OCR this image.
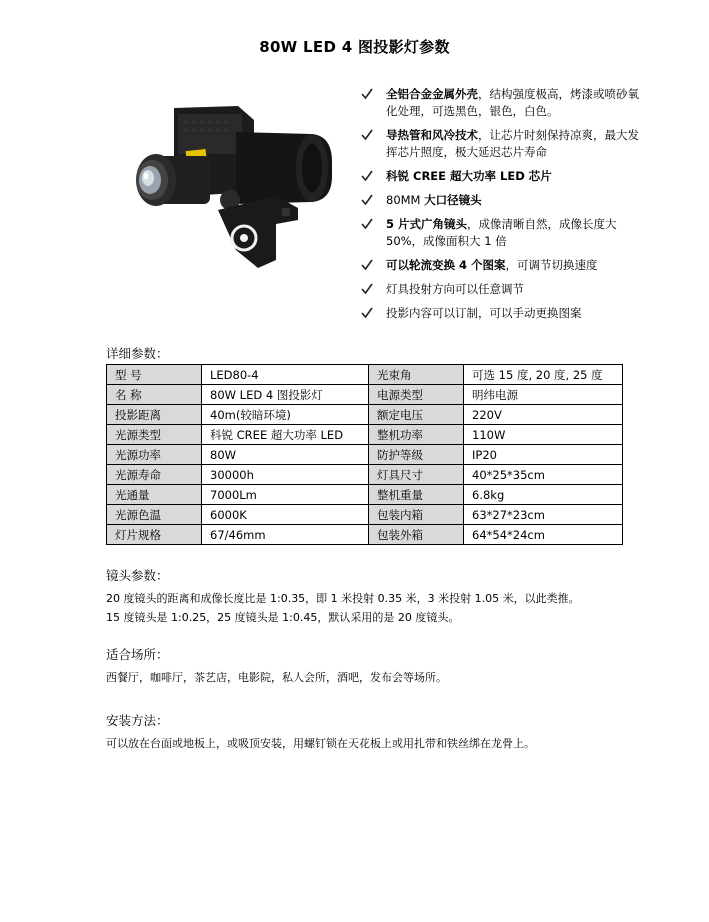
80W LED 4 图投影灯参数
全铝合金金属外壳，结构强度极高，烤漆或喷砂氧化处理，可选黑色，银色，白色。
导热管和风冷技术，让芯片时刻保持凉爽，最大发挥芯片照度，极大延迟芯片寿命
科锐 CREE 超大功率 LED 芯片
80MM 大口径镜头
5 片式广角镜头，成像清晰自然，成像长度大 50%，成像面积大 1 倍
可以轮流变换 4 个图案，可调节切换速度
灯具投射方向可以任意调节
投影内容可以订制，可以手动更换图案
详细参数：
型 号	LED80-4	光束角	可选 15 度, 20 度, 25 度
名 称	80W LED 4 图投影灯	电源类型	明纬电源
投影距离	40m(较暗环境)	额定电压	220V
光源类型	科锐 CREE 超大功率 LED	整机功率	110W
光源功率	80W	防护等级	IP20
光源寿命	30000h	灯具尺寸	40*25*35cm
光通量	7000Lm	整机重量	6.8kg
光源色温	6000K	包装内箱	63*27*23cm
灯片规格	67/46mm	包装外箱	64*54*24cm
镜头参数：
20 度镜头的距离和成像长度比是 1:0.35，即 1 米投射 0.35 米，3 米投射 1.05 米，以此类推。
15 度镜头是 1:0.25，25 度镜头是 1:0.45，默认采用的是 20 度镜头。
适合场所：
西餐厅，咖啡厅，茶艺店，电影院，私人会所，酒吧，发布会等场所。
安装方法：
可以放在台面或地板上，或吸顶安装，用螺钉锁在天花板上或用扎带和铁丝绑在龙骨上。
